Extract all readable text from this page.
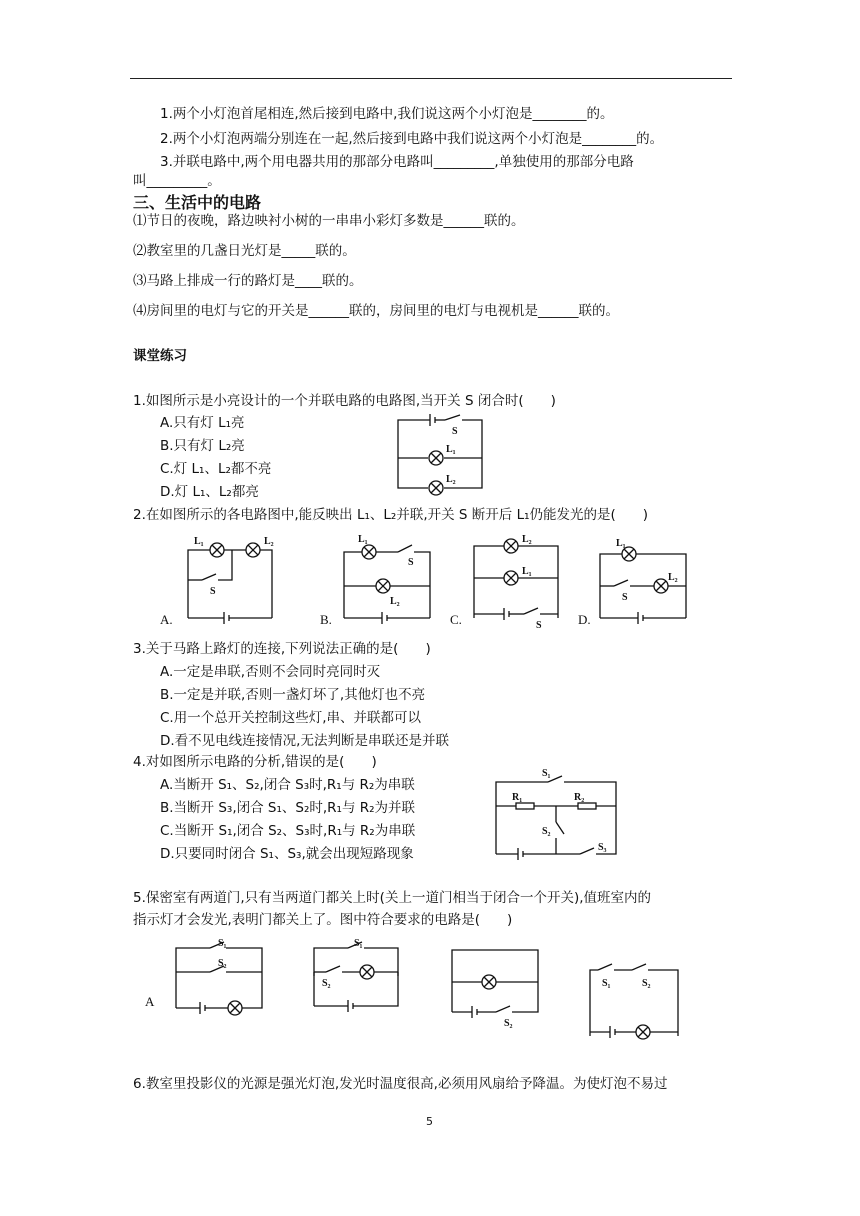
1.两个小灯泡首尾相连,然后接到电路中,我们说这两个小灯泡是________的。
2.两个小灯泡两端分别连在一起,然后接到电路中我们说这两个小灯泡是________的。
3.并联电路中,两个用电器共用的那部分电路叫_________,单独使用的那部分电路
叫_________。
三、生活中的电路
⑴节日的夜晚，路边映衬小树的一串串小彩灯多数是______联的。
⑵教室里的几盏日光灯是_____联的。
⑶马路上排成一行的路灯是____联的。
⑷房间里的电灯与它的开关是______联的，房间里的电灯与电视机是______联的。
课堂练习
1.如图所示是小亮设计的一个并联电路的电路图,当开关 S 闭合时(　　)
A.只有灯 L₁亮
B.只有灯 L₂亮
C.灯 L₁、L₂都不亮
D.灯 L₁、L₂都亮
S
L₁
L₂
2.在如图所示的各电路图中,能反映出 L₁、L₂并联,开关 S 断开后 L₁仍能发光的是(　　)
A.
L₁	L₂
S
B.
L₁
S
L₂
C.
L₂
L₁
S	D.
L₁
S
L₂
3.关于马路上路灯的连接,下列说法正确的是(　　)
A.一定是串联,否则不会同时亮同时灭
B.一定是并联,否则一盏灯坏了,其他灯也不亮
C.用一个总开关控制这些灯,串、并联都可以
D.看不见电线连接情况,无法判断是串联还是并联
4.对如图所示电路的分析,错误的是(　　)
A.当断开 S₁、S₂,闭合 S₃时,R₁与 R₂为串联
B.当断开 S₃,闭合 S₁、S₂时,R₁与 R₂为并联
C.当断开 S₁,闭合 S₂、S₃时,R₁与 R₂为串联
D.只要同时闭合 S₁、S₃,就会出现短路现象
S₁
R₁	R₂
S₂
S₃
5.保密室有两道门,只有当两道门都关上时(关上一道门相当于闭合一个开关),值班室内的
指示灯才会发光,表明门都关上了。图中符合要求的电路是(　　)
A
S₁
S₂
S₁
S₂
S₂
S₁	S₂
6.教室里投影仪的光源是强光灯泡,发光时温度很高,必须用风扇给予降温。为使灯泡不易过
5
